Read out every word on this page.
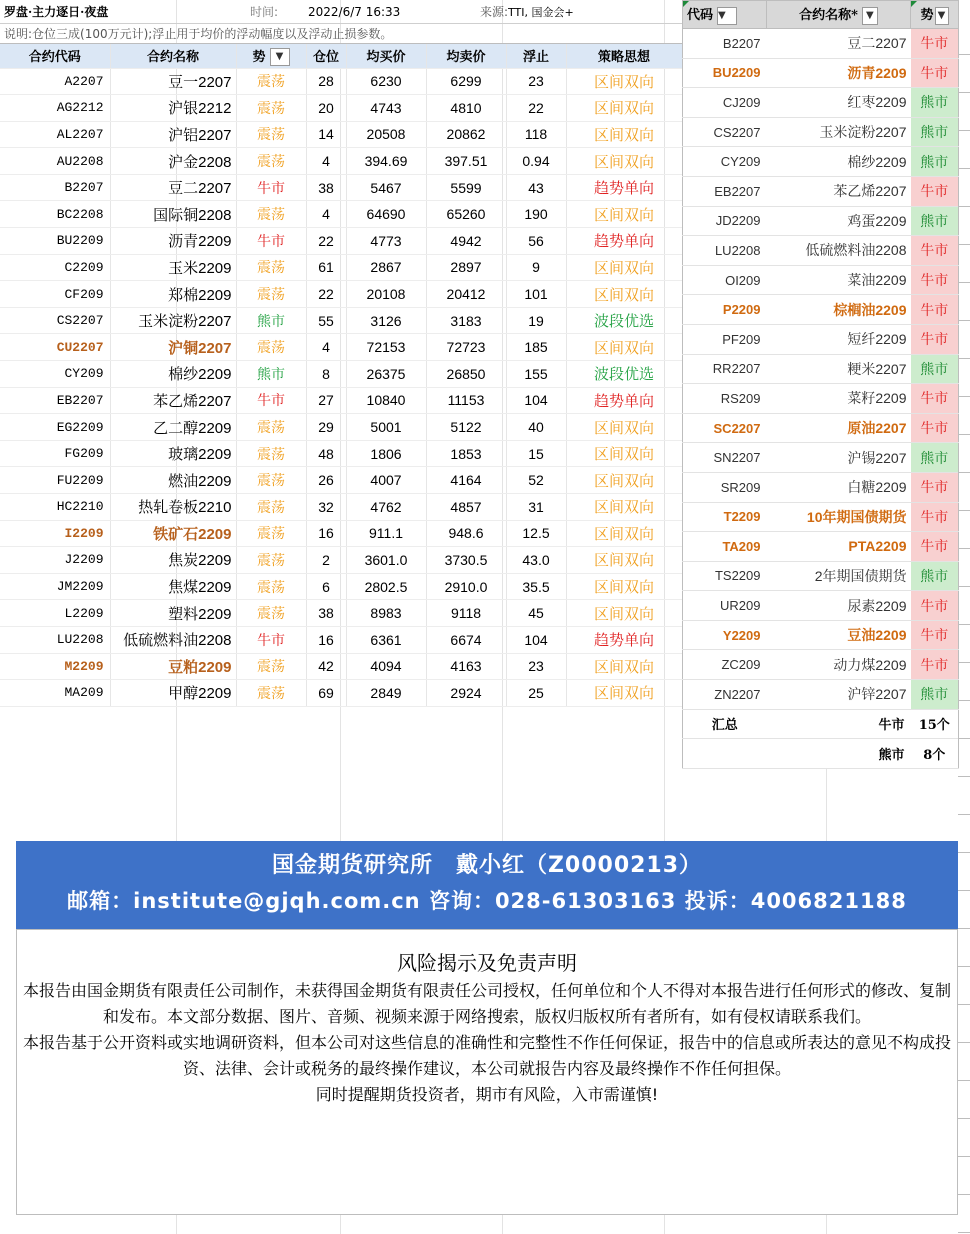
罗盘·主力逐日·夜盘	时间:	2022/6/7 16:33	来源: TTI, 国金会+
说明:仓位三成(100万元计);浮止用于均价的浮动幅度以及浮动止损参数。
合约代码	合约名称	势 ▼	仓位	均买价	均卖价	浮止	策略思想
A2207	豆一2207	震荡	28	6230	6299	23	区间双向
AG2212	沪银2212	震荡	20	4743	4810	22	区间双向
AL2207	沪铝2207	震荡	14	20508	20862	118	区间双向
AU2208	沪金2208	震荡	4	394.69	397.51	0.94	区间双向
B2207	豆二2207	牛市	38	5467	5599	43	趋势单向
BC2208	国际铜2208	震荡	4	64690	65260	190	区间双向
BU2209	沥青2209	牛市	22	4773	4942	56	趋势单向
C2209	玉米2209	震荡	61	2867	2897	9	区间双向
CF209	郑棉2209	震荡	22	20108	20412	101	区间双向
CS2207	玉米淀粉2207	熊市	55	3126	3183	19	波段优选
CU2207	沪铜2207	震荡	4	72153	72723	185	区间双向
CY209	棉纱2209	熊市	8	26375	26850	155	波段优选
EB2207	苯乙烯2207	牛市	27	10840	11153	104	趋势单向
EG2209	乙二醇2209	震荡	29	5001	5122	40	区间双向
FG209	玻璃2209	震荡	48	1806	1853	15	区间双向
FU2209	燃油2209	震荡	26	4007	4164	52	区间双向
HC2210	热轧卷板2210	震荡	32	4762	4857	31	区间双向
I2209	铁矿石2209	震荡	16	911.1	948.6	12.5	区间双向
J2209	焦炭2209	震荡	2	3601.0	3730.5	43.0	区间双向
JM2209	焦煤2209	震荡	6	2802.5	2910.0	35.5	区间双向
L2209	塑料2209	震荡	38	8983	9118	45	区间双向
LU2208	低硫燃料油2208	牛市	16	6361	6674	104	趋势单向
M2209	豆粕2209	震荡	42	4094	4163	23	区间双向
MA209	甲醇2209	震荡	69	2849	2924	25	区间双向
代码 ▼	合约名称* ▼	势 ▼
B2207	豆二2207	牛市
BU2209	沥青2209	牛市
CJ209	红枣2209	熊市
CS2207	玉米淀粉2207	熊市
CY209	棉纱2209	熊市
EB2207	苯乙烯2207	牛市
JD2209	鸡蛋2209	熊市
LU2208	低硫燃料油2208	牛市
OI209	菜油2209	牛市
P2209	棕榈油2209	牛市
PF209	短纤2209	牛市
RR2207	粳米2207	熊市
RS209	菜籽2209	牛市
SC2207	原油2207	牛市
SN2207	沪锡2207	熊市
SR209	白糖2209	牛市
T2209	10年期国债期货	牛市
TA209	PTA2209	牛市
TS2209	2年期国债期货	熊市
UR209	尿素2209	牛市
Y2209	豆油2209	牛市
ZC209	动力煤2209	牛市
ZN2207	沪锌2207	熊市
汇总	牛市	15个
	熊市	8个
国金期货研究所　戴小红（Z0000213）
邮箱：institute@gjqh.com.cn 咨询：028-61303163 投诉：4006821188
风险揭示及免责声明
本报告由国金期货有限责任公司制作，未获得国金期货有限责任公司授权，任何单位和个人不得对本报告进行任何形式的修改、复制和发布。本文部分数据、图片、音频、视频来源于网络搜索，版权归版权所有者所有，如有侵权请联系我们。
本报告基于公开资料或实地调研资料，但本公司对这些信息的准确性和完整性不作任何保证，报告中的信息或所表达的意见不构成投资、法律、会计或税务的最终操作建议，本公司就报告内容及最终操作不作任何担保。
同时提醒期货投资者，期市有风险，入市需谨慎!
